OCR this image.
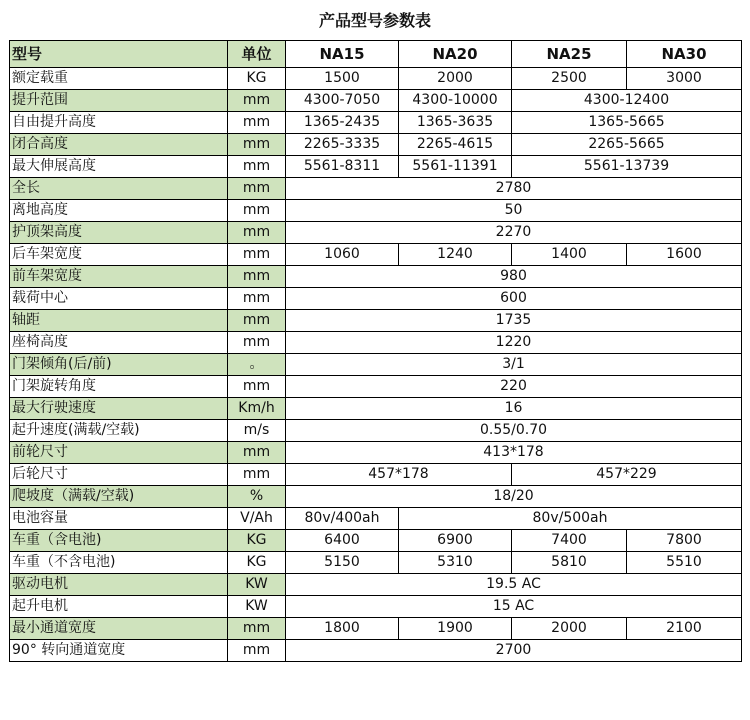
产品型号参数表
型号	单位	NA15	NA20	NA25	NA30
额定载重	KG	1500	2000	2500	3000
提升范围	mm	4300-7050	4300-10000	4300-12400	
自由提升高度	mm	1365-2435	1365-3635	1365-5665	
闭合高度	mm	2265-3335	2265-4615	2265-5665	
最大伸展高度	mm	5561-8311	5561-11391	5561-13739	
全长	mm	2780			
离地高度	mm	50			
护顶架高度	mm	2270			
后车架宽度	mm	1060	1240	1400	1600
前车架宽度	mm	980			
载荷中心	mm	600			
轴距	mm	1735			
座椅高度	mm	1220			
门架倾角(后/前)	。	3/1			
门架旋转角度	mm	220			
最大行驶速度	Km/h	16			
起升速度(满载/空载)	m/s	0.55/0.70			
前轮尺寸	mm	413*178			
后轮尺寸	mm	457*178		457*229	
爬坡度（满载/空载)	%	18/20			
电池容量	V/Ah	80v/400ah	80v/500ah		
车重（含电池)	KG	6400	6900	7400	7800
车重（不含电池)	KG	5150	5310	5810	5510
驱动电机	KW	19.5 AC			
起升电机	KW	15 AC			
最小通道宽度	mm	1800	1900	2000	2100
90° 转向通道宽度	mm	2700			
